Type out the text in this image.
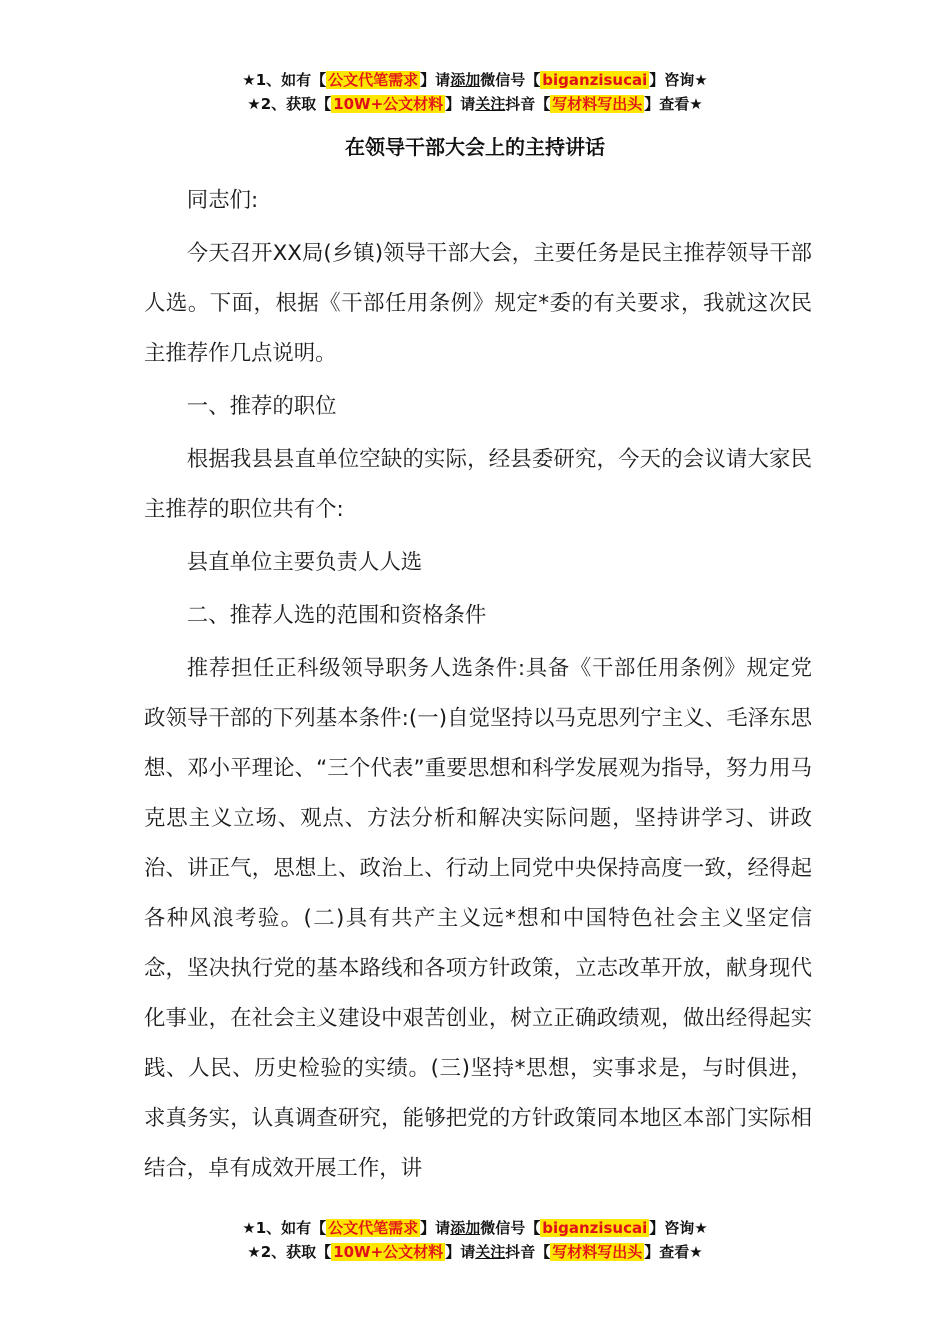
★1、如有【 公文代笔需求 】请添加微信号【 biganzisucai 】咨询★
★2、获取【 10W+公文材料 】请关注抖音【 写材料写出头 】查看★
在领导干部大会上的主持讲话

同志们:

今天召开XX局(乡镇)领导干部大会，主要任务是民主推荐领导干部人选。下面，根据《干部任用条例》规定*委的有关要求，我就这次民主推荐作几点说明。

一、推荐的职位

根据我县县直单位空缺的实际，经县委研究，今天的会议请大家民主推荐的职位共有个:

县直单位主要负责人人选

二、推荐人选的范围和资格条件

推荐担任正科级领导职务人选条件:具备《干部任用条例》规定党政领导干部的下列基本条件:(一)自觉坚持以马克思列宁主义、毛泽东思想、邓小平理论、“三个代表”重要思想和科学发展观为指导，努力用马克思主义立场、观点、方法分析和解决实际问题，坚持讲学习、讲政治、讲正气，思想上、政治上、行动上同党中央保持高度一致，经得起各种风浪考验。(二)具有共产主义远*想和中国特色社会主义坚定信念，坚决执行党的基本路线和各项方针政策，立志改革开放，献身现代化事业，在社会主义建设中艰苦创业，树立正确政绩观，做出经得起实践、人民、历史检验的实绩。(三)坚持*思想，实事求是，与时俱进，求真务实，认真调查研究，能够把党的方针政策同本地区本部门实际相结合，卓有成效开展工作，讲

★1、如有【 公文代笔需求 】请添加微信号【 biganzisucai 】咨询★
★2、获取【 10W+公文材料 】请关注抖音【 写材料写出头 】查看★
